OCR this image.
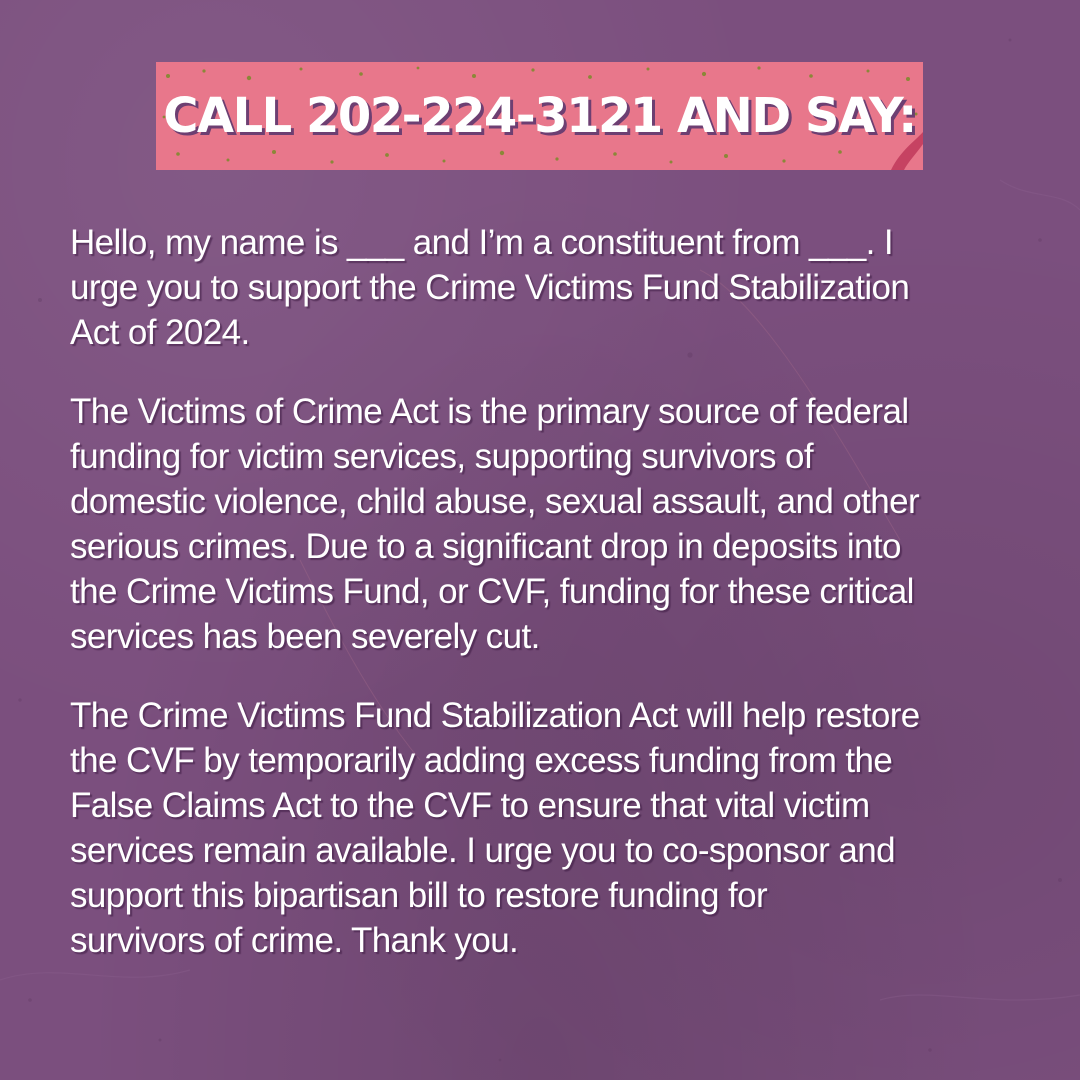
CALL 202-224-3121 AND SAY:

Hello, my name is ___ and I’m a constituent from ___. I
urge you to support the Crime Victims Fund Stabilization
Act of 2024.

The Victims of Crime Act is the primary source of federal
funding for victim services, supporting survivors of
domestic violence, child abuse, sexual assault, and other
serious crimes. Due to a significant drop in deposits into
the Crime Victims Fund, or CVF, funding for these critical
services has been severely cut.

The Crime Victims Fund Stabilization Act will help restore
the CVF by temporarily adding excess funding from the
False Claims Act to the CVF to ensure that vital victim
services remain available. I urge you to co-sponsor and
support this bipartisan bill to restore funding for
survivors of crime. Thank you.
